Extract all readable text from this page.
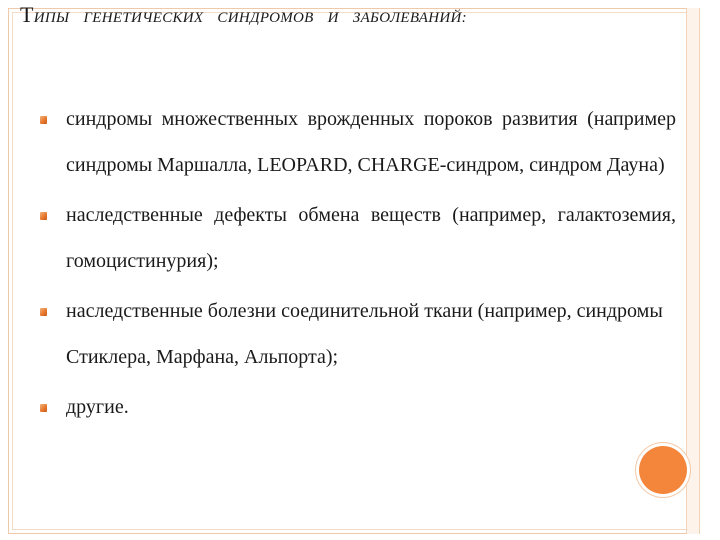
ТИПЫ ГЕНЕТИЧЕСКИХ СИНДРОМОВ И ЗАБОЛЕВАНИЙ:
синдромы множественных врожденных пороков развития (например синдромы Маршалла, LEOPARD, CHARGE-синдром, синдром Дауна)
наследственные дефекты обмена веществ (например, галактоземия, гомоцистинурия);
наследственные болезни соединительной ткани (например, синдромы Стиклера, Марфана, Альпорта);
другие.
